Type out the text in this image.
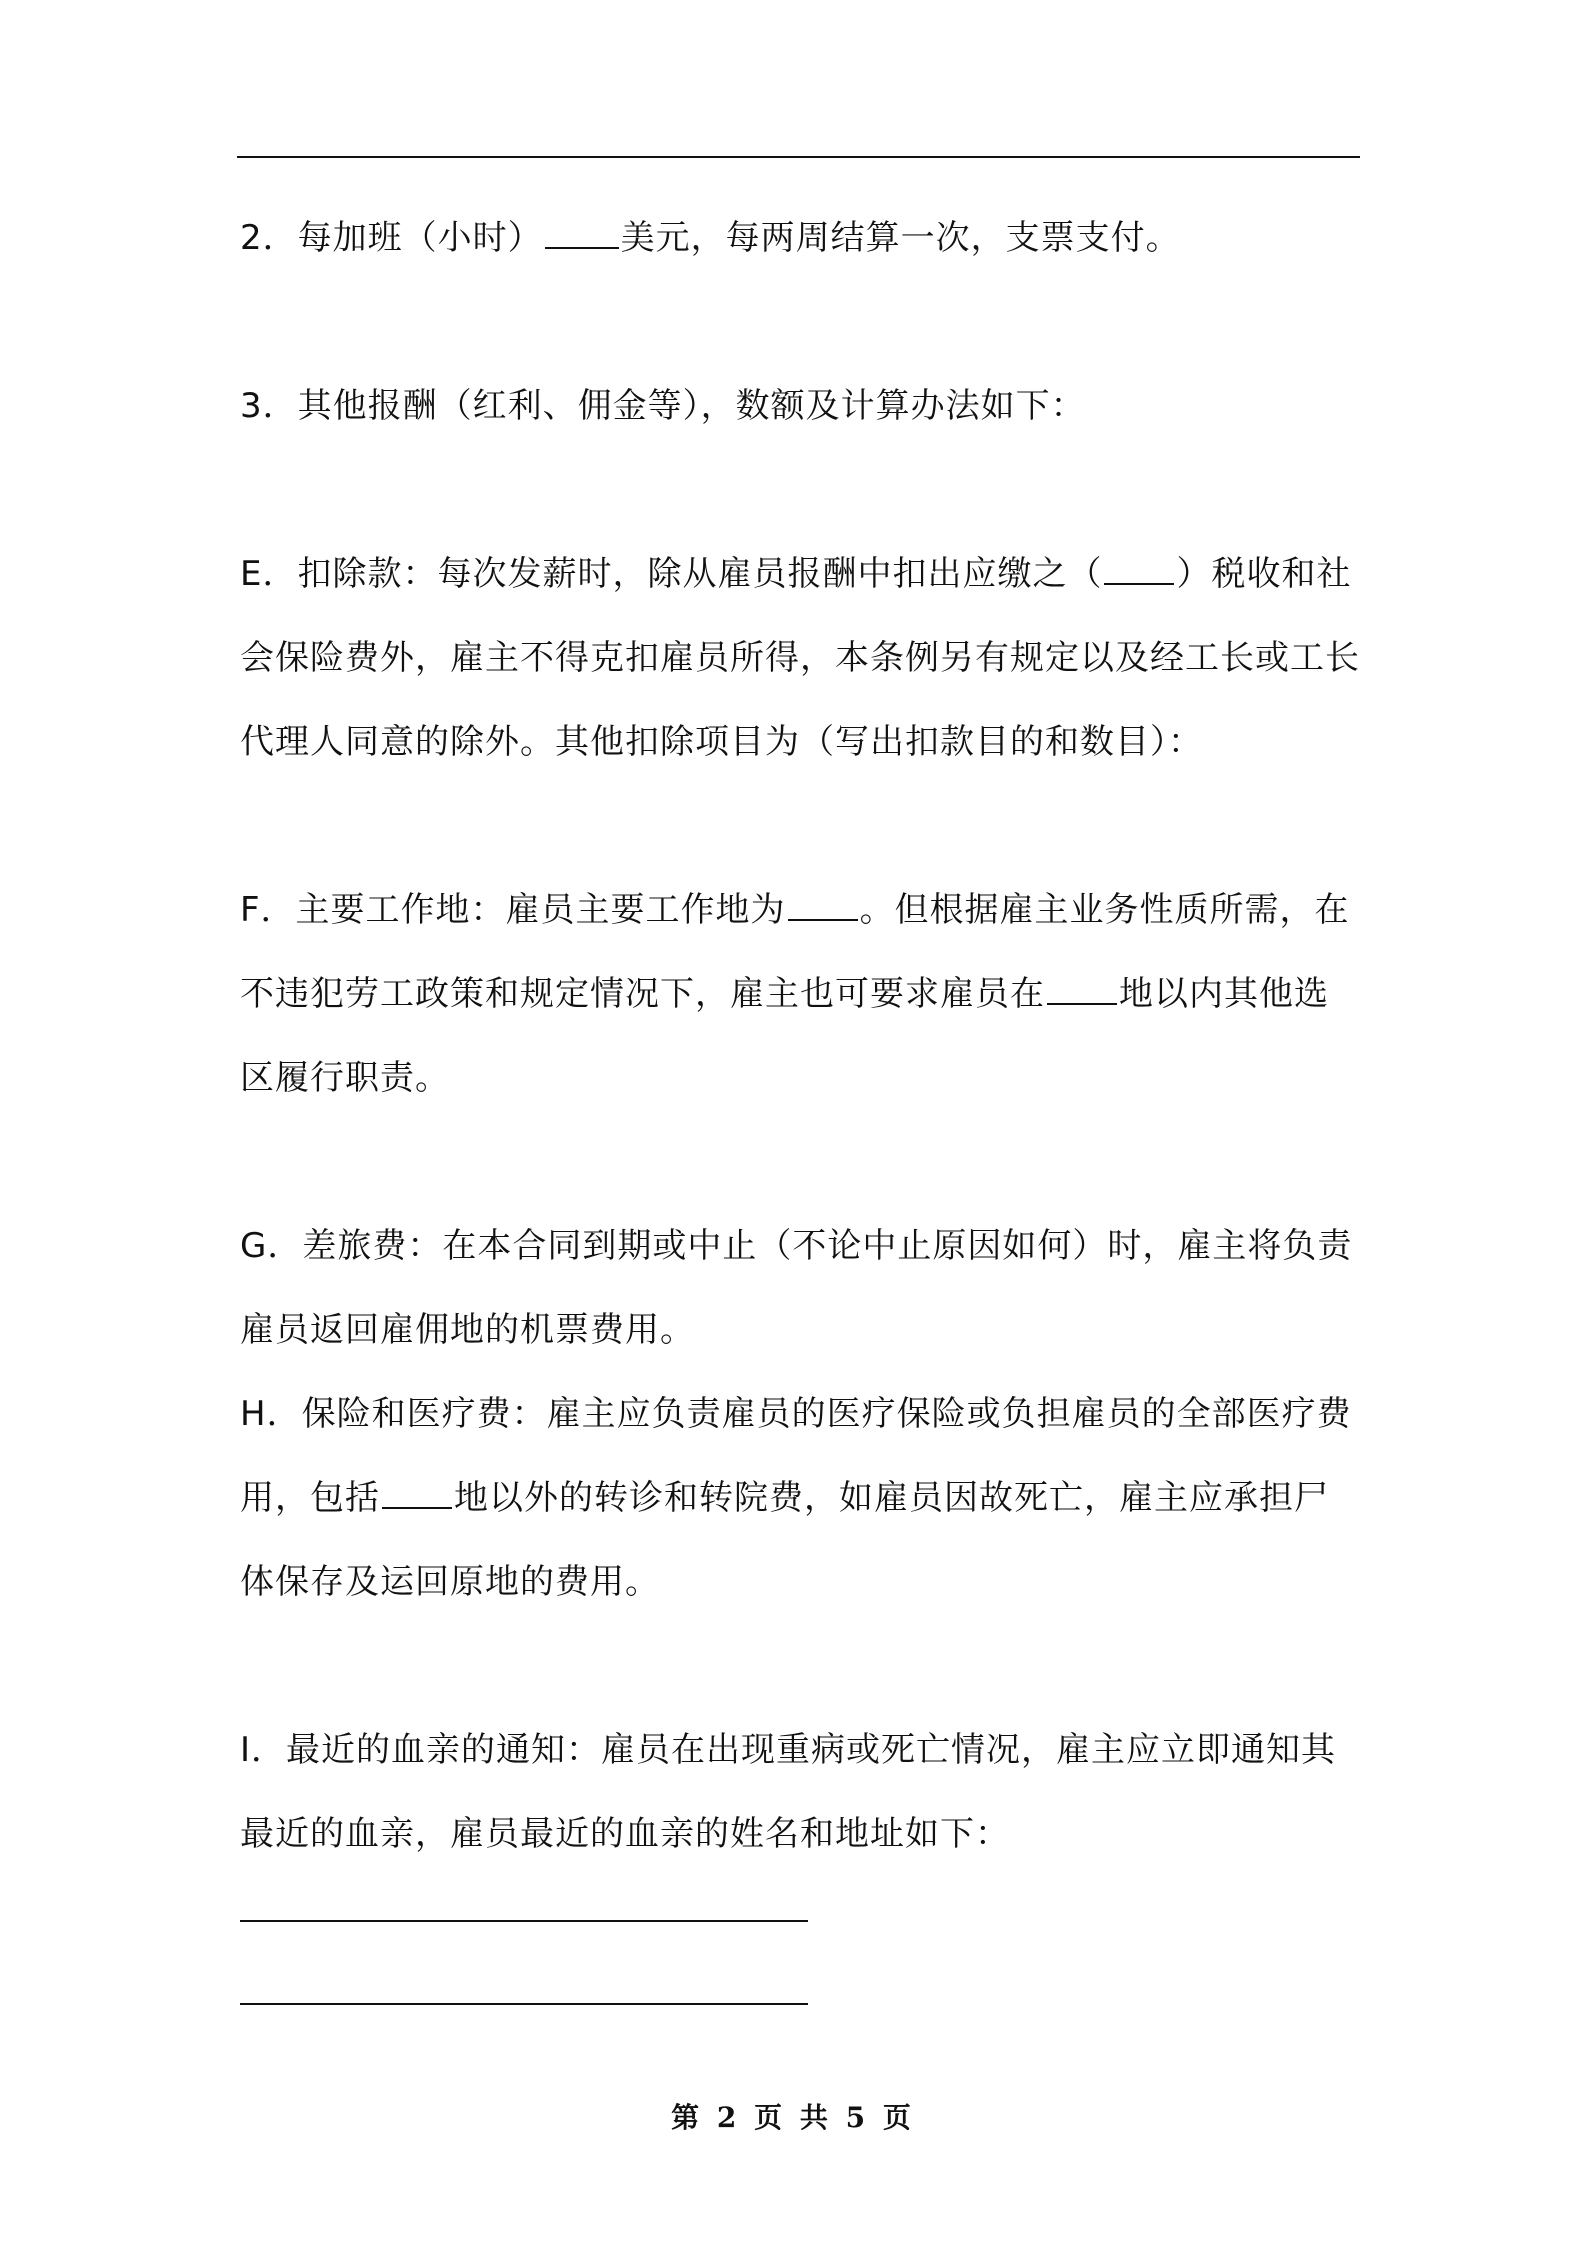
2．每加班（小时） 美元，每两周结算一次，支票支付。

3．其他报酬（红利、佣金等），数额及计算办法如下：

E．扣除款：每次发薪时，除从雇员报酬中扣出应缴之（ ）税收和社会保险费外，雇主不得克扣雇员所得，本条例另有规定以及经工长或工长代理人同意的除外。其他扣除项目为（写出扣款目的和数目）：

F．主要工作地：雇员主要工作地为 。但根据雇主业务性质所需，在不违犯劳工政策和规定情况下，雇主也可要求雇员在 地以内其他选区履行职责。

G．差旅费：在本合同到期或中止（不论中止原因如何）时，雇主将负责雇员返回雇佣地的机票费用。

H．保险和医疗费：雇主应负责雇员的医疗保险或负担雇员的全部医疗费用，包括 地以外的转诊和转院费，如雇员因故死亡，雇主应承担尸体保存及运回原地的费用。

I．最近的血亲的通知：雇员在出现重病或死亡情况，雇主应立即通知其最近的血亲，雇员最近的血亲的姓名和地址如下：

第 2 页 共 5 页
